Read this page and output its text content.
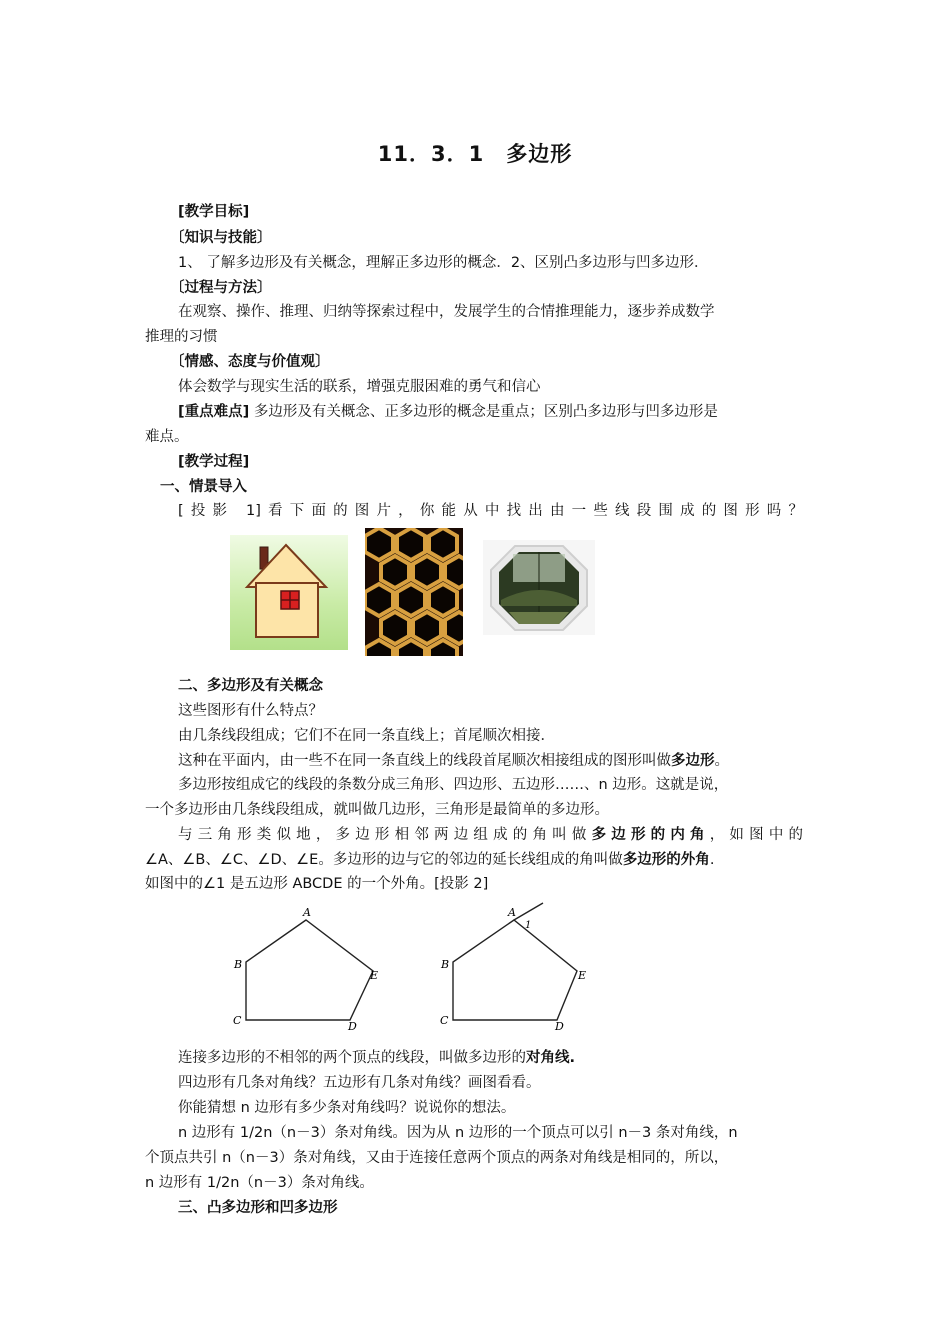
11．3．1　多边形
[教学目标]
〔知识与技能〕
1、 了解多边形及有关概念，理解正多边形的概念．2、区别凸多边形与凹多边形．
〔过程与方法〕
在观察、操作、推理、归纳等探索过程中，发展学生的合情推理能力，逐步养成数学
推理的习惯
〔情感、态度与价值观〕
体会数学与现实生活的联系，增强克服困难的勇气和信心
[重点难点] 多边形及有关概念、正多边形的概念是重点；区别凸多边形与凹多边形是
难点。
[教学过程]
一、情景导入
[投影 1]看下面的图片，你能从中找出由一些线段围成的图形吗？
二、多边形及有关概念
这些图形有什么特点？
由几条线段组成；它们不在同一条直线上；首尾顺次相接．
这种在平面内，由一些不在同一条直线上的线段首尾顺次相接组成的图形叫做多边形。
多边形按组成它的线段的条数分成三角形、四边形、五边形……、n 边形。这就是说，
一个多边形由几条线段组成，就叫做几边形，三角形是最简单的多边形。
与三角形类似地，多边形相邻两边组成的角叫做多边形的内角，如图中的
∠A、∠B、∠C、∠D、∠E。多边形的边与它的邻边的延长线组成的角叫做多边形的外角.
如图中的∠1 是五边形 ABCDE 的一个外角。[投影 2]
A
B
C	D
E
A
1
B
C	D
E
连接多边形的不相邻的两个顶点的线段，叫做多边形的对角线.
四边形有几条对角线？五边形有几条对角线？画图看看。
你能猜想 n 边形有多少条对角线吗？说说你的想法。
n 边形有 1/2n（n－3）条对角线。因为从 n 边形的一个顶点可以引 n－3 条对角线，n
个顶点共引 n（n－3）条对角线，又由于连接任意两个顶点的两条对角线是相同的，所以，
n 边形有 1/2n（n－3）条对角线。
三、凸多边形和凹多边形
